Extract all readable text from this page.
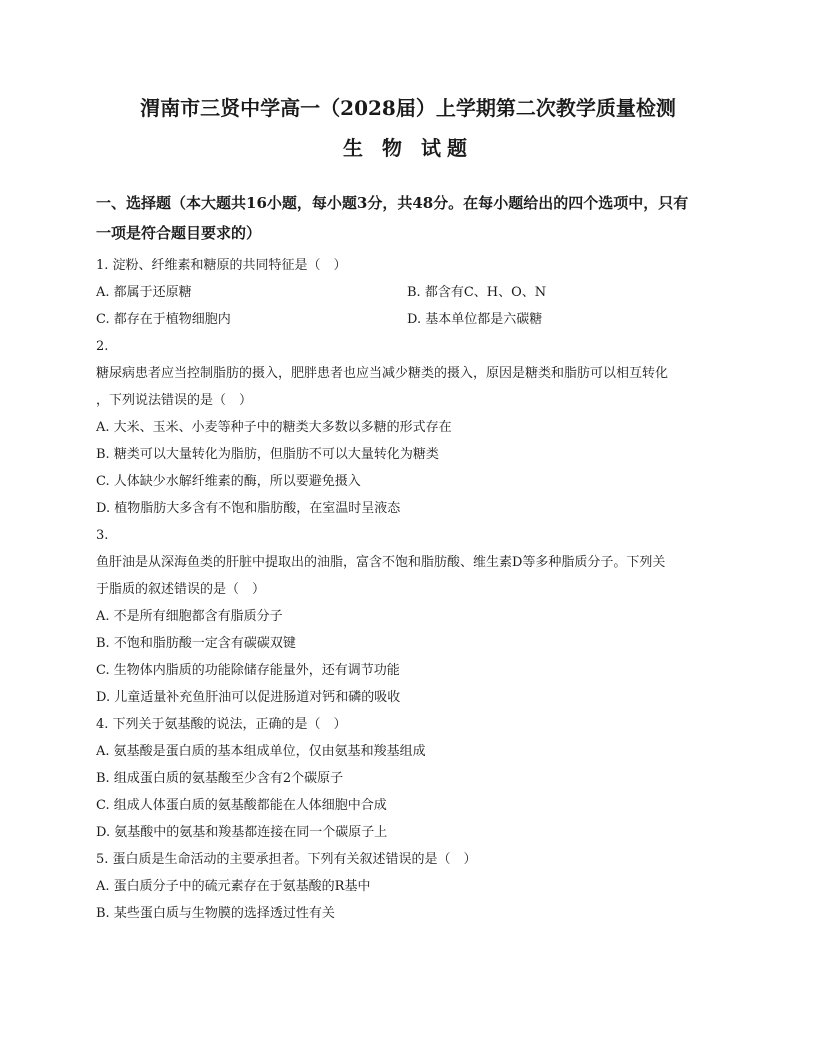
渭南市三贤中学高一（2028届）上学期第二次教学质量检测
生 物 试题
一、选择题（本大题共16小题，每小题3分，共48分。在每小题给出的四个选项中，只有
一项是符合题目要求的）
1. 淀粉、纤维素和糖原的共同特征是（　）
A. 都属于还原糖	B. 都含有C、H、O、N
C. 都存在于植物细胞内	D. 基本单位都是六碳糖
2.
糖尿病患者应当控制脂肪的摄入，肥胖患者也应当减少糖类的摄入，原因是糖类和脂肪可以相互转化
，下列说法错误的是（　）
A. 大米、玉米、小麦等种子中的糖类大多数以多糖的形式存在
B. 糖类可以大量转化为脂肪，但脂肪不可以大量转化为糖类
C. 人体缺少水解纤维素的酶，所以要避免摄入
D. 植物脂肪大多含有不饱和脂肪酸，在室温时呈液态
3.
鱼肝油是从深海鱼类的肝脏中提取出的油脂，富含不饱和脂肪酸、维生素D等多种脂质分子。下列关
于脂质的叙述错误的是（　）
A. 不是所有细胞都含有脂质分子
B. 不饱和脂肪酸一定含有碳碳双键
C. 生物体内脂质的功能除储存能量外，还有调节功能
D. 儿童适量补充鱼肝油可以促进肠道对钙和磷的吸收
4. 下列关于氨基酸的说法，正确的是（　）
A. 氨基酸是蛋白质的基本组成单位，仅由氨基和羧基组成
B. 组成蛋白质的氨基酸至少含有2个碳原子
C. 组成人体蛋白质的氨基酸都能在人体细胞中合成
D. 氨基酸中的氨基和羧基都连接在同一个碳原子上
5. 蛋白质是生命活动的主要承担者。下列有关叙述错误的是（　）
A. 蛋白质分子中的硫元素存在于氨基酸的R基中
B. 某些蛋白质与生物膜的选择透过性有关
